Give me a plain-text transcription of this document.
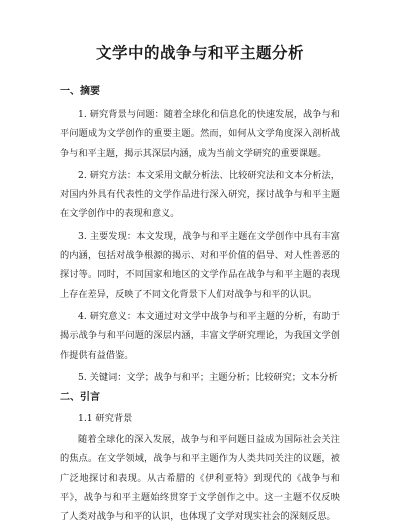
文学中的战争与和平主题分析
一、摘要

1. 研究背景与问题：随着全球化和信息化的快速发展，战争与和平问题成为文学创作的重要主题。然而，如何从文学角度深入剖析战争与和平主题，揭示其深层内涵，成为当前文学研究的重要课题。

2. 研究方法：本文采用文献分析法、比较研究法和文本分析法，对国内外具有代表性的文学作品进行深入研究，探讨战争与和平主题在文学创作中的表现和意义。

3. 主要发现：本文发现，战争与和平主题在文学创作中具有丰富的内涵，包括对战争根源的揭示、对和平价值的倡导、对人性善恶的探讨等。同时，不同国家和地区的文学作品在战争与和平主题的表现上存在差异，反映了不同文化背景下人们对战争与和平的认识。

4. 研究意义：本文通过对文学中战争与和平主题的分析，有助于揭示战争与和平问题的深层内涵，丰富文学研究理论，为我国文学创作提供有益借鉴。

5. 关键词：文学；战争与和平；主题分析；比较研究；文本分析

二、引言
1.1 研究背景

随着全球化的深入发展，战争与和平问题日益成为国际社会关注的焦点。在文学领域，战争与和平主题作为人类共同关注的议题，被广泛地探讨和表现。从古希腊的《伊利亚特》到现代的《战争与和平》，战争与和平主题始终贯穿于文学创作之中。这一主题不仅反映了人类对战争与和平的认识，也体现了文学对现实社会的深刻反思。
